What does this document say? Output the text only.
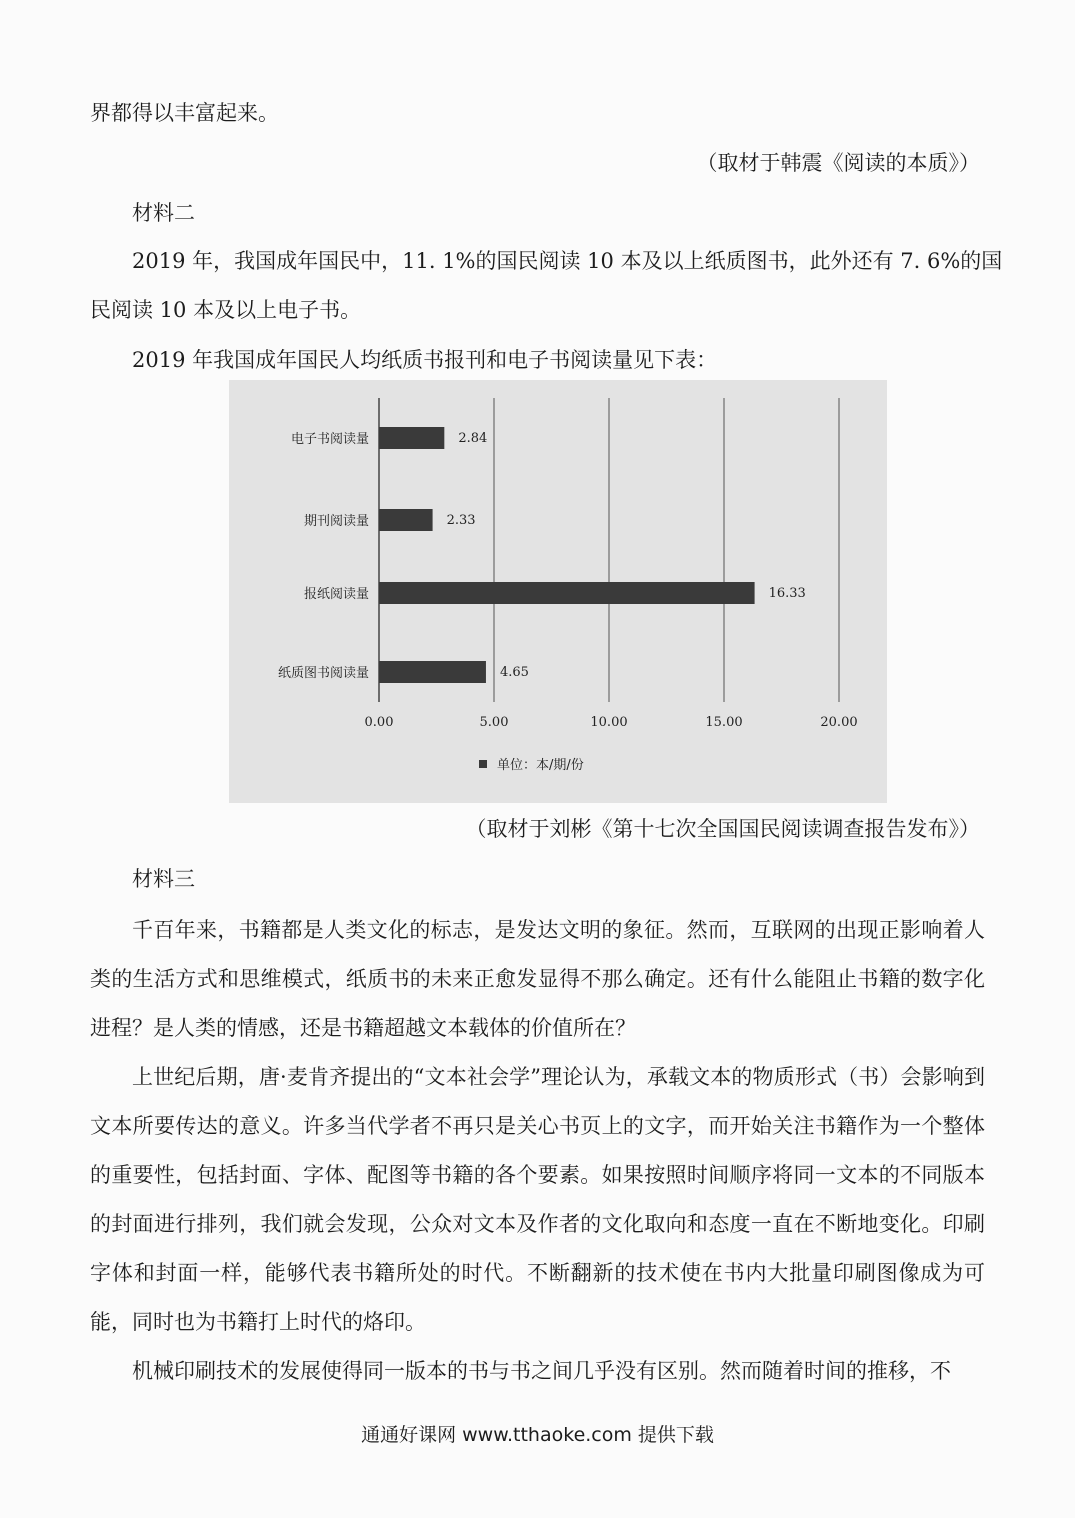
界都得以丰富起来。
（取材于韩震《阅读的本质》）
材料二
2019 年，我国成年国民中，11. 1%的国民阅读 10 本及以上纸质图书，此外还有 7. 6%的国
民阅读 10 本及以上电子书。
2019 年我国成年国民人均纸质书报刊和电子书阅读量见下表：
0.00	5.00	10.00	15.00	20.00
电子书阅读量	2.84
期刊阅读量	2.33
报纸阅读量	16.33
纸质图书阅读量	4.65
单位：本/期/份
（取材于刘彬《第十七次全国国民阅读调查报告发布》）
材料三

千百年来，书籍都是人类文化的标志，是发达文明的象征。然而，互联网的出现正影响着人类的生活方式和思维模式，纸质书的未来正愈发显得不那么确定。还有什么能阻止书籍的数字化进程？是人类的情感，还是书籍超越文本载体的价值所在？

上世纪后期，唐·麦肯齐提出的“文本社会学”理论认为，承载文本的物质形式（书）会影响到文本所要传达的意义。许多当代学者不再只是关心书页上的文字，而开始关注书籍作为一个整体的重要性，包括封面、字体、配图等书籍的各个要素。如果按照时间顺序将同一文本的不同版本的封面进行排列，我们就会发现，公众对文本及作者的文化取向和态度一直在不断地变化。印刷字体和封面一样，能够代表书籍所处的时代。不断翻新的技术使在书内大批量印刷图像成为可能，同时也为书籍打上时代的烙印。

机械印刷技术的发展使得同一版本的书与书之间几乎没有区别。然而随着时间的推移，不

通通好课网 www.tthaoke.com 提供下载
